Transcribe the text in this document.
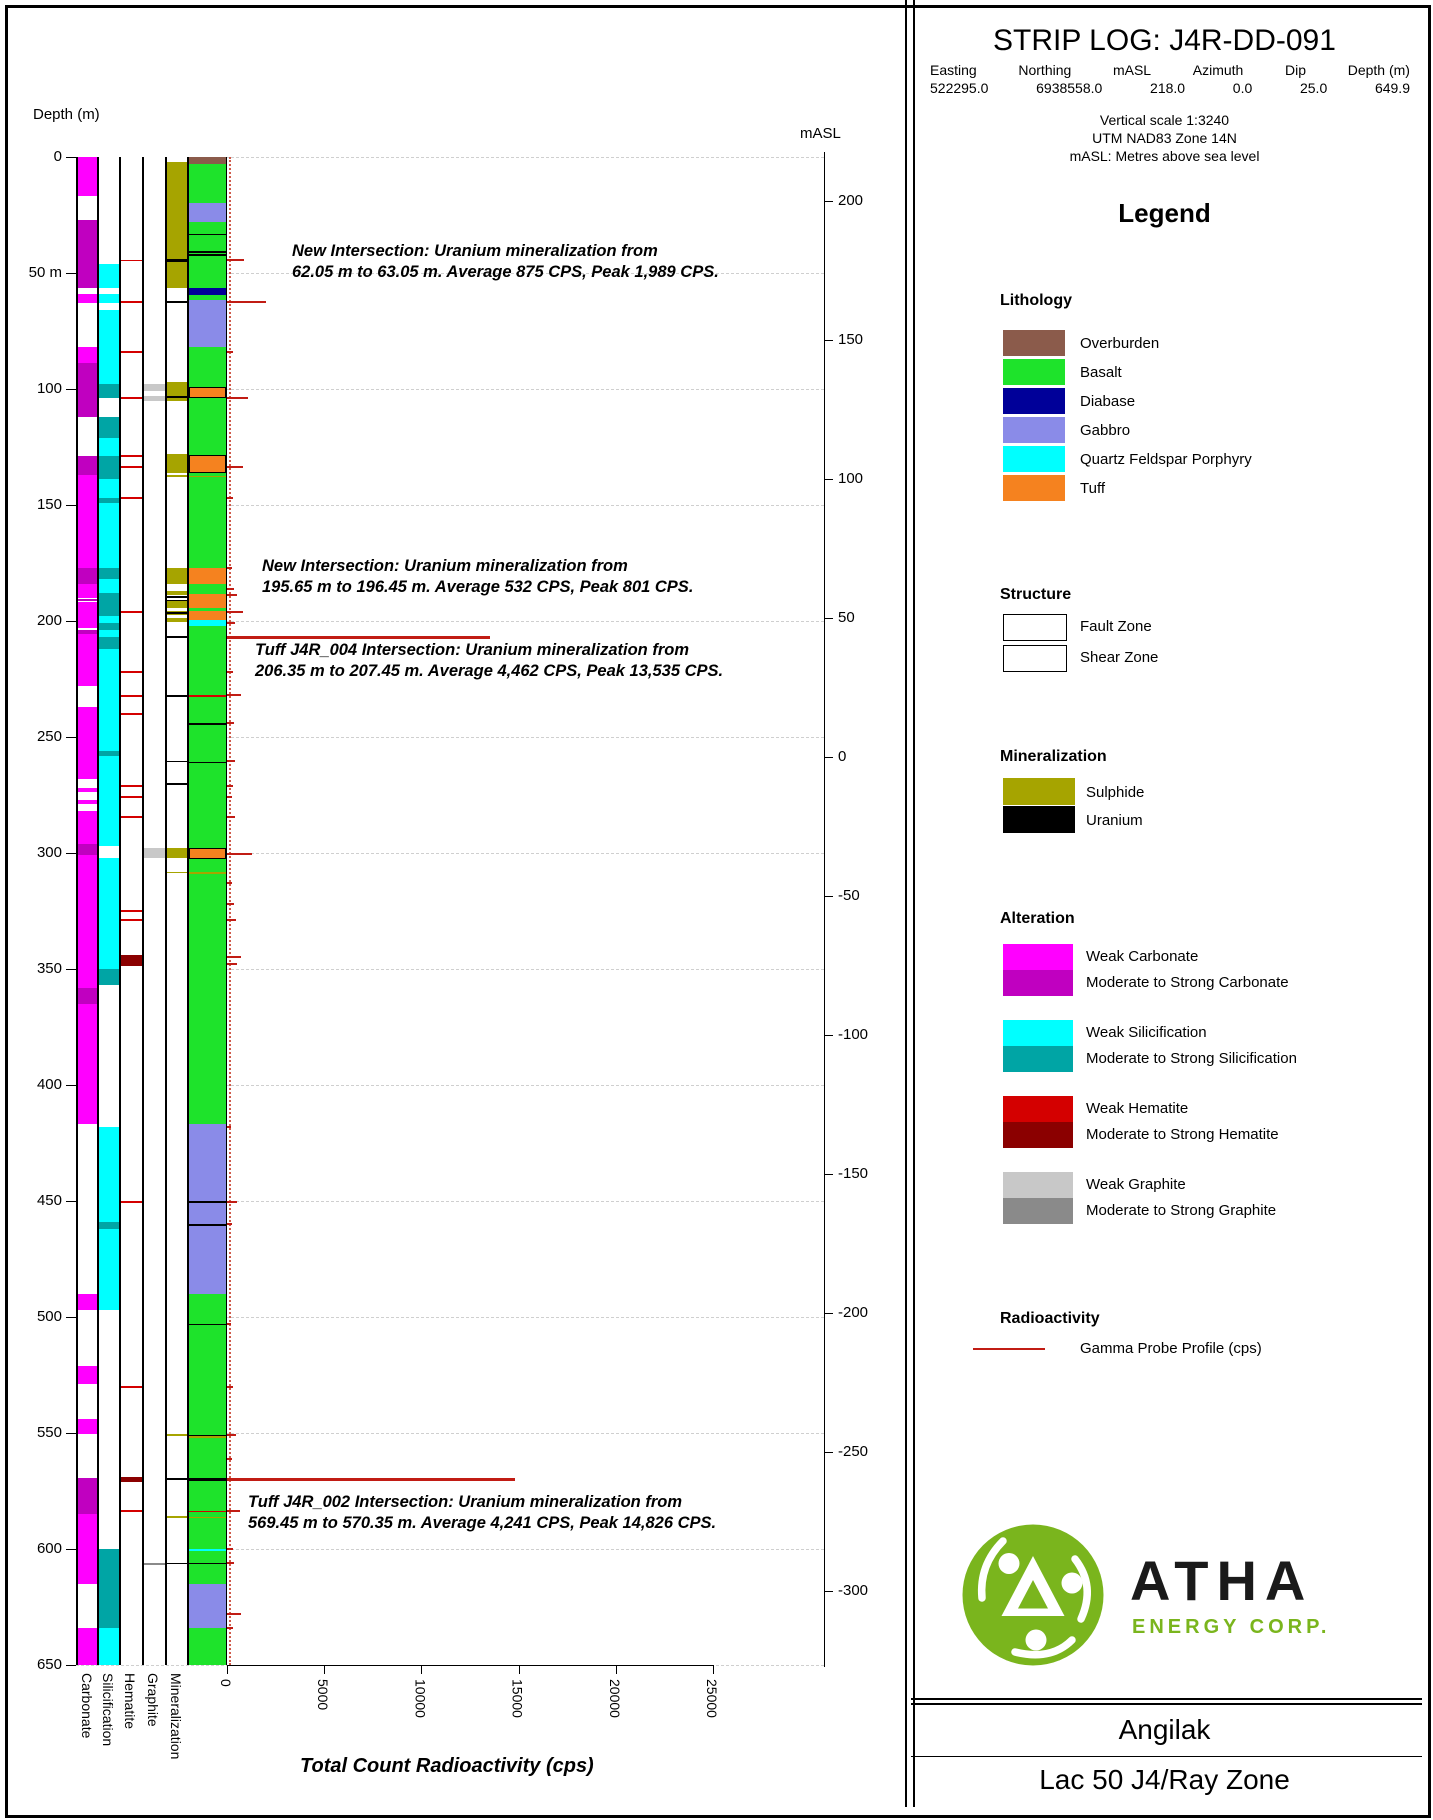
Depth (m)
0
50 m
100
150
200
250
300
350
400
450
500
550
600
650
0	5000	10000	15000	20000	25000
Total Count Radioactivity (cps)
Carbonate Silicification Hematite Graphite Mineralization
mASL
200
150
100
50
0
-50
-100
-150
-200
-250
-300
New Intersection: Uranium mineralization from
62.05 m to 63.05 m. Average 875 CPS, Peak 1,989 CPS.
New Intersection: Uranium mineralization from
195.65 m to 196.45 m. Average 532 CPS, Peak 801 CPS.
Tuff J4R_004 Intersection: Uranium mineralization from
206.35 m to 207.45 m. Average 4,462 CPS, Peak 13,535 CPS.
Tuff J4R_002 Intersection: Uranium mineralization from
569.45 m to 570.35 m. Average 4,241 CPS, Peak 14,826 CPS.
STRIP LOG: J4R-DD-091
Easting	Northing	mASL	Azimuth	Dip	Depth (m)
522295.0	6938558.0	218.0	0.0	25.0	649.9
Vertical scale 1:3240
UTM NAD83 Zone 14N
mASL: Metres above sea level
Legend
Lithology
Overburden
Basalt
Diabase
Gabbro
Quartz Feldspar Porphyry
Tuff
Structure
Fault Zone
Shear Zone
Mineralization
Sulphide
Uranium
Alteration
Weak Carbonate
Moderate to Strong Carbonate
Weak Silicification
Moderate to Strong Silicification
Weak Hematite
Moderate to Strong Hematite
Weak Graphite
Moderate to Strong Graphite
Radioactivity
Gamma Probe Profile (cps)
ATHA
ENERGY CORP.
Angilak
Lac 50 J4/Ray Zone
